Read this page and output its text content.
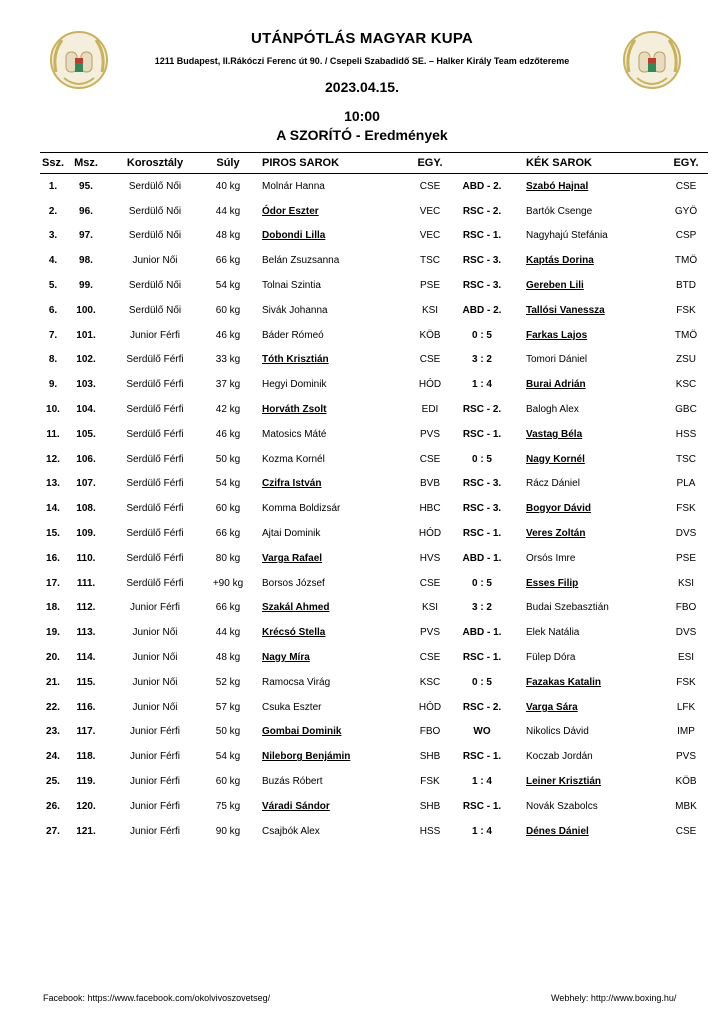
UTÁNPÓTLÁS MAGYAR KUPA
1211 Budapest, II.Rákóczi Ferenc út 90. / Csepeli Szabadidő SE. – Halker Király Team edzőtereme
2023.04.15.
10:00
A SZORÍTÓ - Eredmények
Ssz.	Msz.	Korosztály	Súly	PIROS SAROK	EGY.		KÉK SAROK	EGY.
1.	95.	Serdülő Női	40 kg	Molnár Hanna	CSE	ABD - 2.	Szabó Hajnal	CSE
2.	96.	Serdülő Női	44 kg	Ódor Eszter	VEC	RSC - 2.	Bartók Csenge	GYÖ
3.	97.	Serdülő Női	48 kg	Dobondi Lilla	VEC	RSC - 1.	Nagyhajú Stefánia	CSP
4.	98.	Junior Női	66 kg	Belán Zsuzsanna	TSC	RSC - 3.	Kaptás Dorina	TMÖ
5.	99.	Serdülő Női	54 kg	Tolnai Szintia	PSE	RSC - 3.	Gereben Lili	BTD
6.	100.	Serdülő Női	60 kg	Sivák Johanna	KSI	ABD - 2.	Tallósi Vanessza	FSK
7.	101.	Junior Férfi	46 kg	Báder Rómeó	KÖB	0 : 5	Farkas Lajos	TMÖ
8.	102.	Serdülő Férfi	33 kg	Tóth Krisztián	CSE	3 : 2	Tomori Dániel	ZSU
9.	103.	Serdülő Férfi	37 kg	Hegyi Dominik	HÓD	1 : 4	Burai Adrián	KSC
10.	104.	Serdülő Férfi	42 kg	Horváth Zsolt	EDI	RSC - 2.	Balogh Alex	GBC
11.	105.	Serdülő Férfi	46 kg	Matosics Máté	PVS	RSC - 1.	Vastag Béla	HSS
12.	106.	Serdülő Férfi	50 kg	Kozma Kornél	CSE	0 : 5	Nagy Kornél	TSC
13.	107.	Serdülő Férfi	54 kg	Czifra István	BVB	RSC - 3.	Rácz Dániel	PLA
14.	108.	Serdülő Férfi	60 kg	Komma Boldizsár	HBC	RSC - 3.	Bogyor Dávid	FSK
15.	109.	Serdülő Férfi	66 kg	Ajtai Dominik	HÓD	RSC - 1.	Veres Zoltán	DVS
16.	110.	Serdülő Férfi	80 kg	Varga Rafael	HVS	ABD - 1.	Orsós Imre	PSE
17.	111.	Serdülő Férfi	+90 kg	Borsos József	CSE	0 : 5	Esses Filip	KSI
18.	112.	Junior Férfi	66 kg	Szakál Ahmed	KSI	3 : 2	Budai Szebasztián	FBO
19.	113.	Junior Női	44 kg	Krécsó Stella	PVS	ABD - 1.	Elek Natália	DVS
20.	114.	Junior Női	48 kg	Nagy Míra	CSE	RSC - 1.	Fülep Dóra	ESI
21.	115.	Junior Női	52 kg	Ramocsa Virág	KSC	0 : 5	Fazakas Katalin	FSK
22.	116.	Junior Női	57 kg	Csuka Eszter	HÓD	RSC - 2.	Varga Sára	LFK
23.	117.	Junior Férfi	50 kg	Gombai Dominik	FBO	WO	Nikolics Dávid	IMP
24.	118.	Junior Férfi	54 kg	Nileborg Benjámin	SHB	RSC - 1.	Koczab Jordán	PVS
25.	119.	Junior Férfi	60 kg	Buzás Róbert	FSK	1 : 4	Leiner Krisztián	KÖB
26.	120.	Junior Férfi	75 kg	Váradi Sándor	SHB	RSC - 1.	Novák Szabolcs	MBK
27.	121.	Junior Férfi	90 kg	Csajbók Alex	HSS	1 : 4	Dénes Dániel	CSE
Facebook: https://www.facebook.com/okolvivoszovetseg/	Webhely: http://www.boxing.hu/
